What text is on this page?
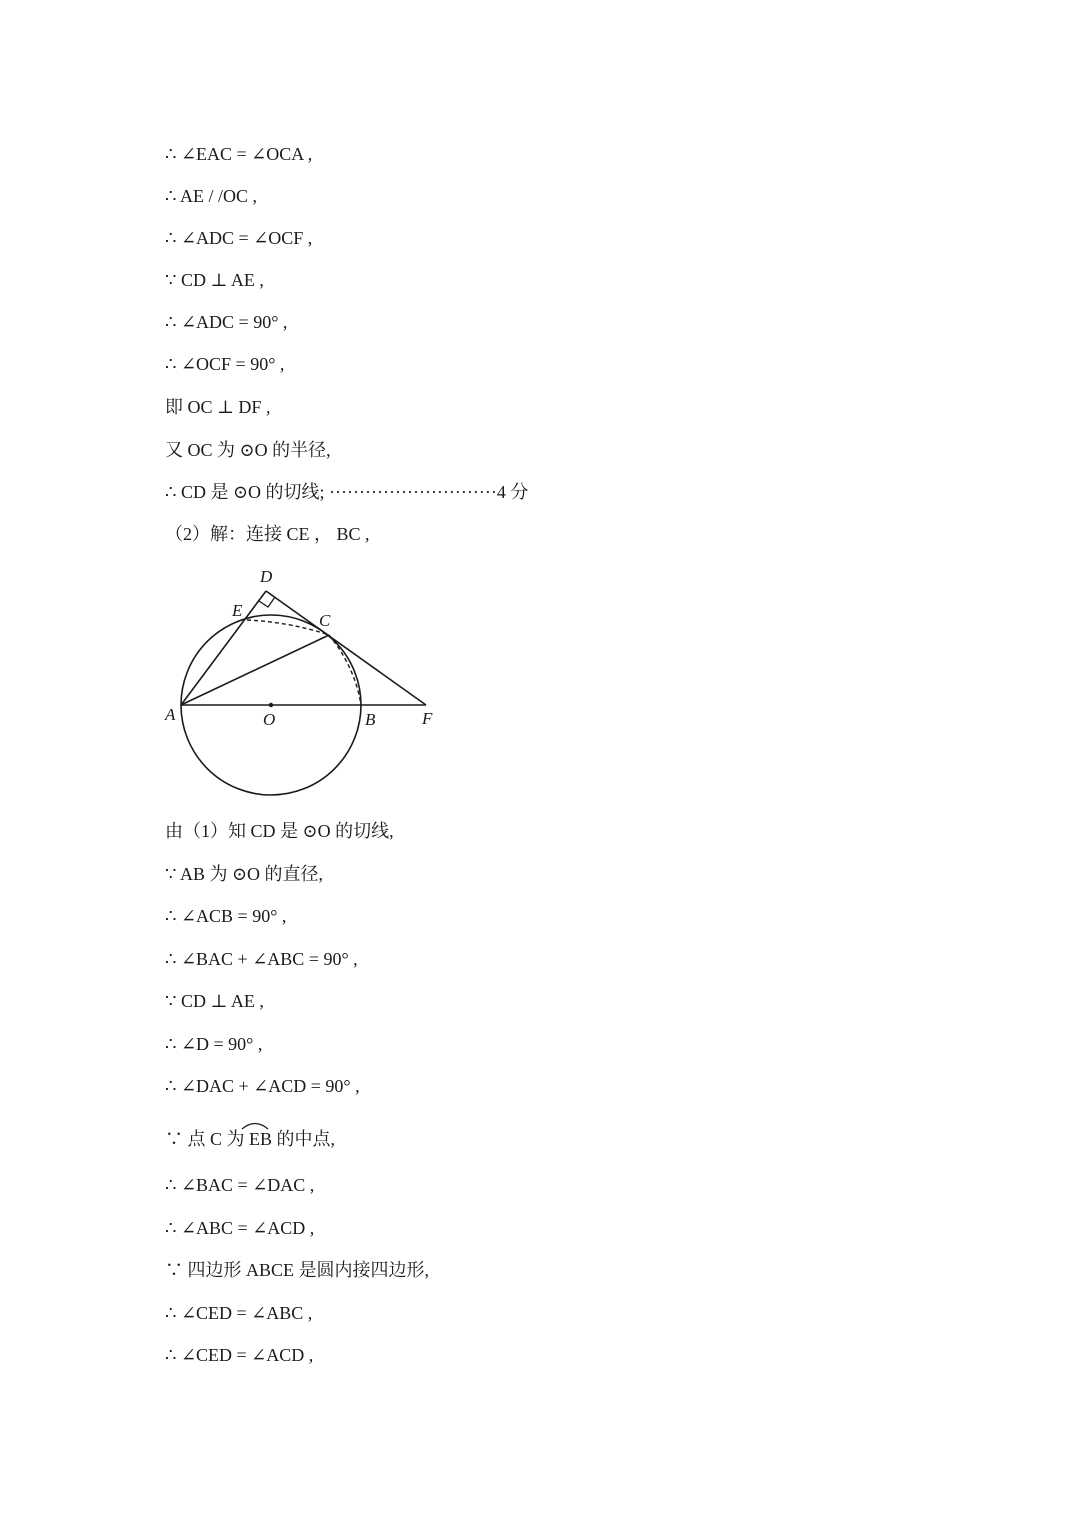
∴ ∠EAC = ∠OCA ,
∴ AE / /OC ,
∴ ∠ADC = ∠OCF ,
∵ CD ⊥ AE ,
∴ ∠ADC = 90° ,
∴ ∠OCF = 90° ,
即 OC ⊥ DF ,
又 OC 为 ⊙O 的半径,
∴ CD 是 ⊙O 的切线; ····························4 分
（2）解：连接 CE ， BC ,
D
E
C
A	O	B	F
由（1）知 CD 是 ⊙O 的切线,
∵ AB 为 ⊙O 的直径,
∴ ∠ACB = 90° ,
∴ ∠BAC + ∠ABC = 90° ,
∵ CD ⊥ AE ,
∴ ∠D = 90° ,
∴ ∠DAC + ∠ACD = 90° ,
∵ 点 C 为 EB 的中点,
∴ ∠BAC = ∠DAC ,
∴ ∠ABC = ∠ACD ,
∵ 四边形 ABCE 是圆内接四边形,
∴ ∠CED = ∠ABC ,
∴ ∠CED = ∠ACD ,
